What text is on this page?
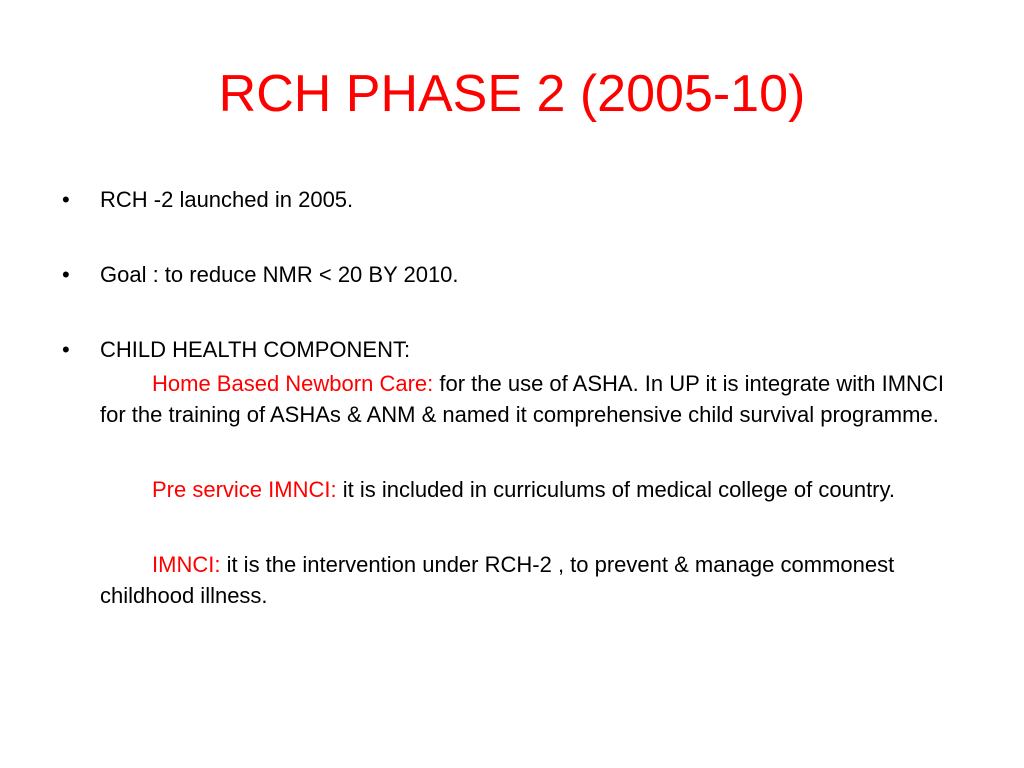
RCH PHASE 2 (2005-10)
• RCH -2 launched in 2005.
• Goal : to reduce NMR < 20 BY 2010.
• CHILD HEALTH COMPONENT:

Home Based Newborn Care: for the use of ASHA. In UP it is integrate with IMNCI for the training of ASHAs & ANM & named it comprehensive child survival programme.

Pre service IMNCI: it is included in curriculums of medical college of country.

IMNCI: it is the intervention under RCH-2 , to prevent & manage commonest childhood illness.
